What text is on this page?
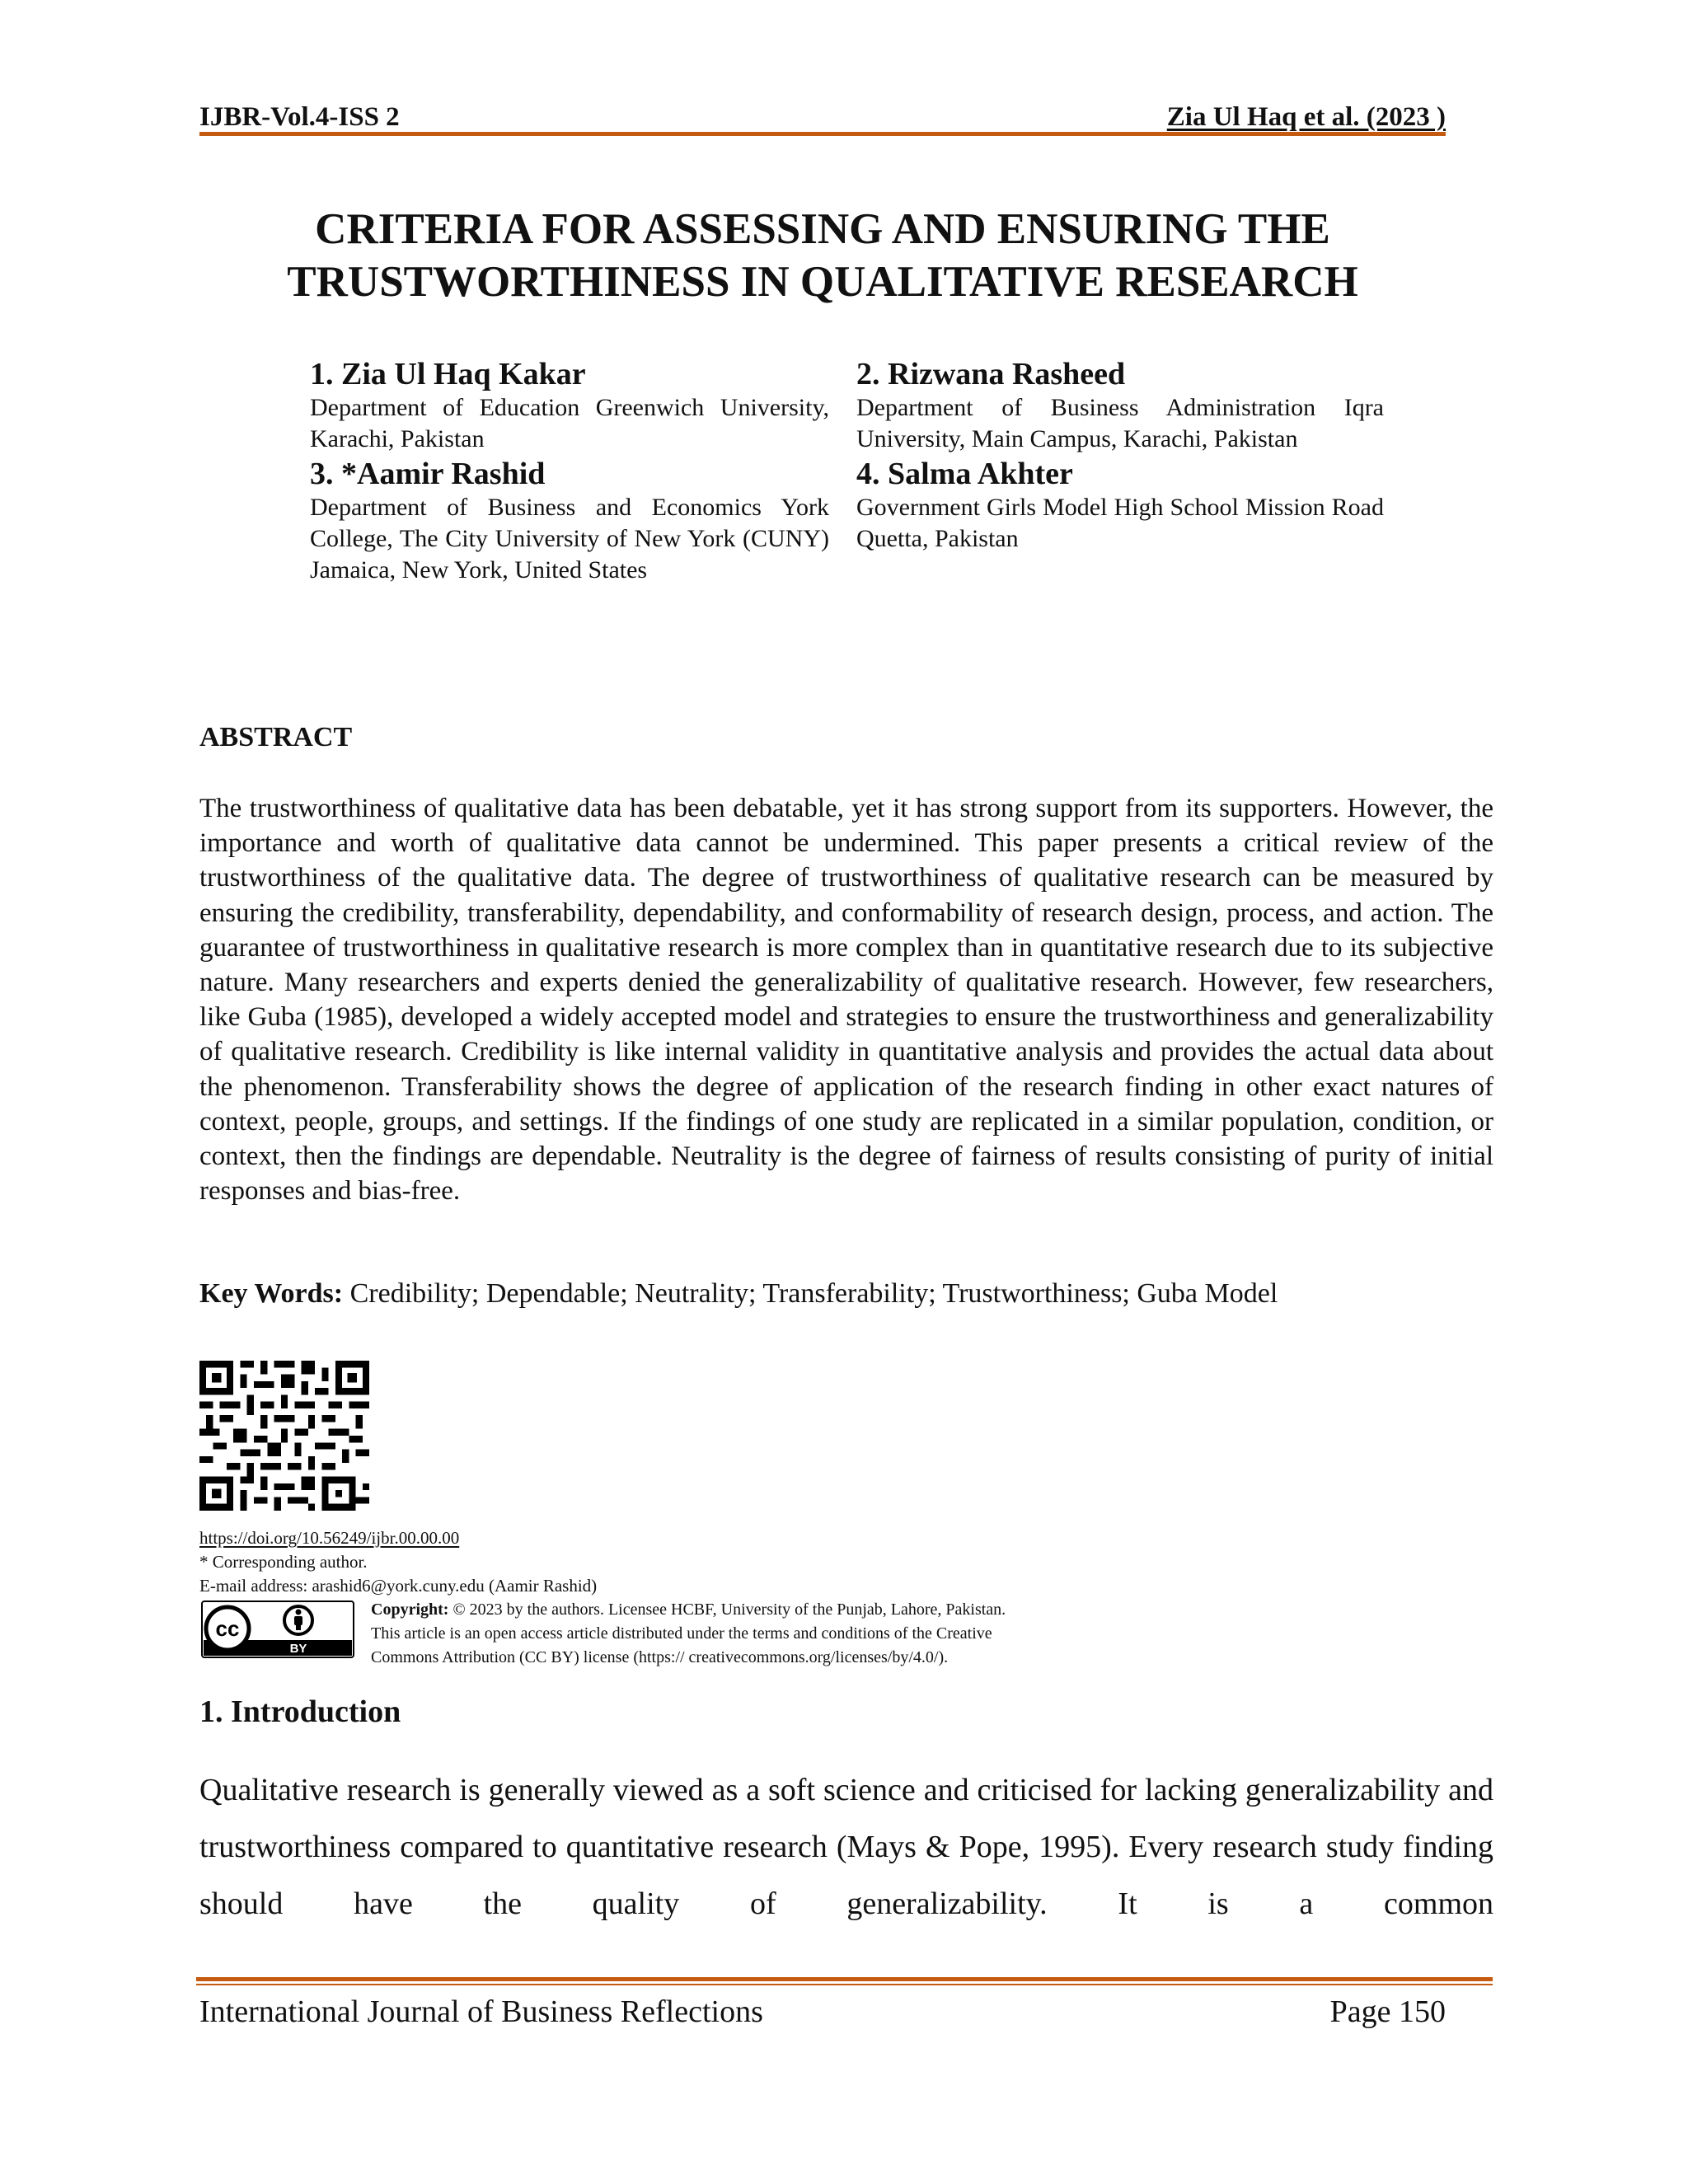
IJBR-Vol.4-ISS 2	Zia Ul Haq et al. (2023 )
CRITERIA FOR ASSESSING AND ENSURING THE
TRUSTWORTHINESS IN QUALITATIVE RESEARCH
1. Zia Ul Haq Kakar
Department of Education Greenwich University, Karachi, Pakistan
2. Rizwana Rasheed
Department of Business Administration Iqra University, Main Campus, Karachi, Pakistan
3. *Aamir Rashid
Department of Business and Economics York College, The City University of New York (CUNY) Jamaica, New York, United States
4. Salma Akhter
Government Girls Model High School Mission Road Quetta, Pakistan
ABSTRACT
The trustworthiness of qualitative data has been debatable, yet it has strong support from its supporters. However, the importance and worth of qualitative data cannot be undermined. This paper presents a critical review of the trustworthiness of the qualitative data. The degree of trustworthiness of qualitative research can be measured by ensuring the credibility, transferability, dependability, and conformability of research design, process, and action. The guarantee of trustworthiness in qualitative research is more complex than in quantitative research due to its subjective nature. Many researchers and experts denied the generalizability of qualitative research. However, few researchers, like Guba (1985), developed a widely accepted model and strategies to ensure the trustworthiness and generalizability of qualitative research. Credibility is like internal validity in quantitative analysis and provides the actual data about the phenomenon. Transferability shows the degree of application of the research finding in other exact natures of context, people, groups, and settings. If the findings of one study are replicated in a similar population, condition, or context, then the findings are dependable. Neutrality is the degree of fairness of results consisting of purity of initial responses and bias-free.
Key Words: Credibility; Dependable; Neutrality; Transferability; Trustworthiness; Guba Model
https://doi.org/10.56249/ijbr.00.00.00
* Corresponding author.
E-mail address: arashid6@york.cuny.edu (Aamir Rashid)
cc
BY
Copyright: © 2023 by the authors. Licensee HCBF, University of the Punjab, Lahore, Pakistan.
This article is an open access article distributed under the terms and conditions of the Creative
Commons Attribution (CC BY) license (https:// creativecommons.org/licenses/by/4.0/).
1. Introduction
Qualitative research is generally viewed as a soft science and criticised for lacking generalizability and trustworthiness compared to quantitative research (Mays & Pope, 1995). Every research study finding should have the quality of generalizability. It is a common
International Journal of Business Reflections	Page 150
